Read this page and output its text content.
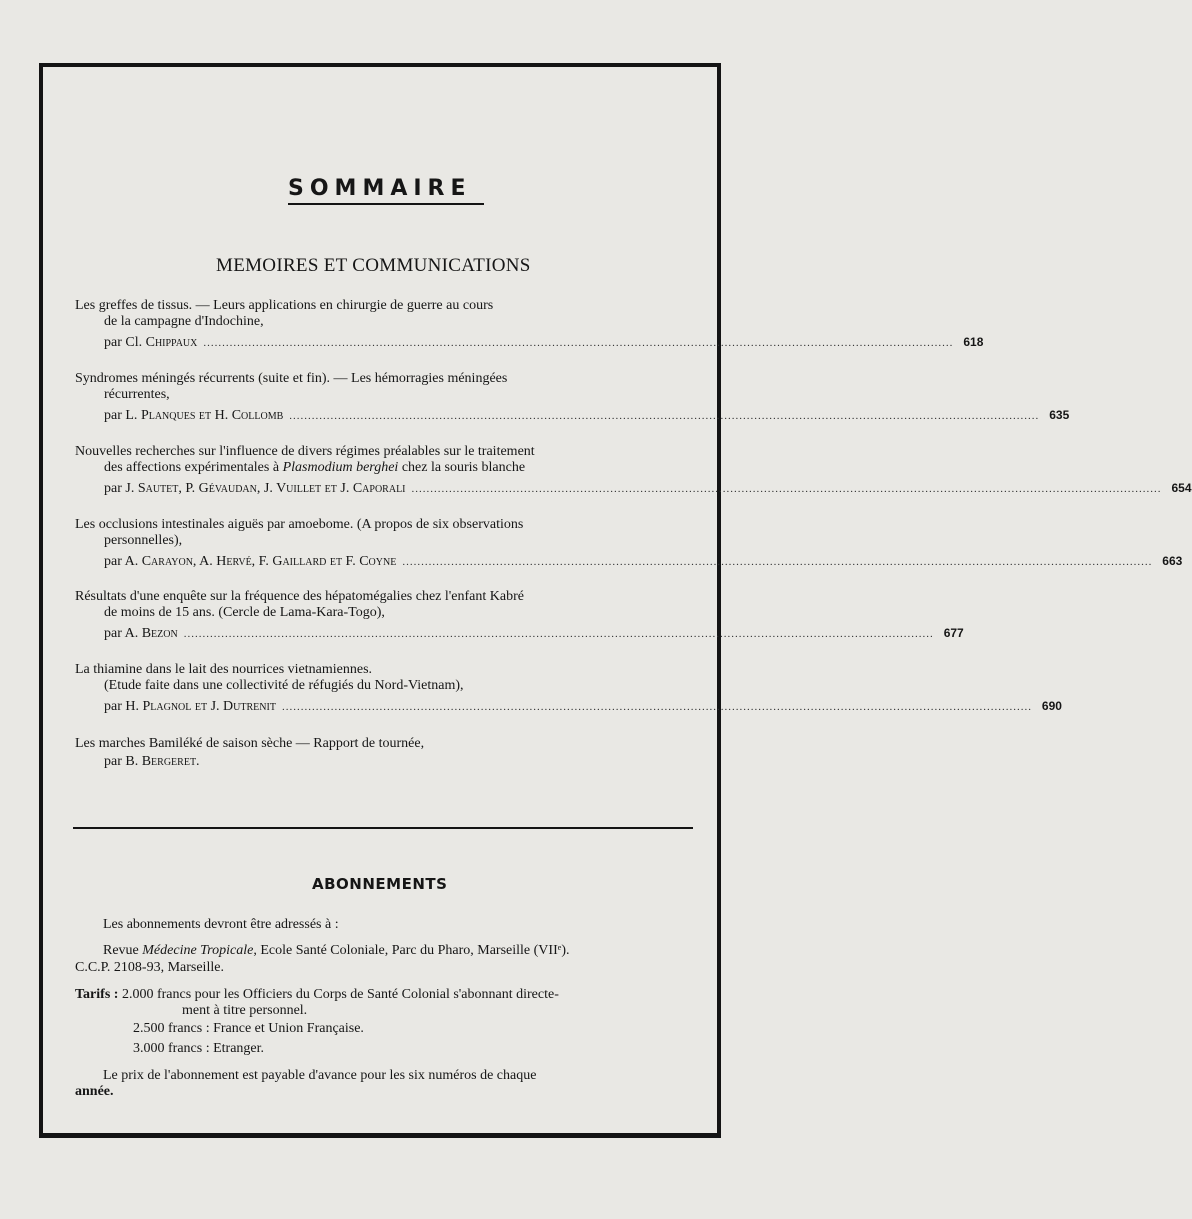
SOMMAIRE
MEMOIRES ET COMMUNICATIONS
Les greffes de tissus. — Leurs applications en chirurgie de guerre au cours
de la campagne d'Indochine,
par Cl. Chippaux ........................................................................................................................................................................................................ 618
Syndromes méningés récurrents (suite et fin). — Les hémorragies méningées
récurrentes,
par L. Planques et H. Collomb ........................................................................................................................................................................................................ 635
Nouvelles recherches sur l'influence de divers régimes préalables sur le traitement
des affections expérimentales à Plasmodium berghei chez la souris blanche
par J. Sautet, P. Gévaudan, J. Vuillet et J. Caporali ........................................................................................................................................................................................................ 654
Les occlusions intestinales aiguës par amoebome. (A propos de six observations
personnelles),
par A. Carayon, A. Hervé, F. Gaillard et F. Coyne ........................................................................................................................................................................................................ 663
Résultats d'une enquête sur la fréquence des hépatomégalies chez l'enfant Kabré
de moins de 15 ans. (Cercle de Lama-Kara-Togo),
par A. Bezon ........................................................................................................................................................................................................ 677
La thiamine dans le lait des nourrices vietnamiennes.
(Etude faite dans une collectivité de réfugiés du Nord-Vietnam),
par H. Plagnol et J. Dutrenit ........................................................................................................................................................................................................ 690
Les marches Bamiléké de saison sèche — Rapport de tournée,
par B. Bergeret.
ABONNEMENTS
Les abonnements devront être adressés à :
Revue Médecine Tropicale, Ecole Santé Coloniale, Parc du Pharo, Marseille (VIIᵉ).
C.C.P. 2108-93, Marseille.
Tarifs : 2.000 francs pour les Officiers du Corps de Santé Colonial s'abonnant directe-
ment à titre personnel.
2.500 francs : France et Union Française.
3.000 francs : Etranger.
Le prix de l'abonnement est payable d'avance pour les six numéros de chaque
année.
